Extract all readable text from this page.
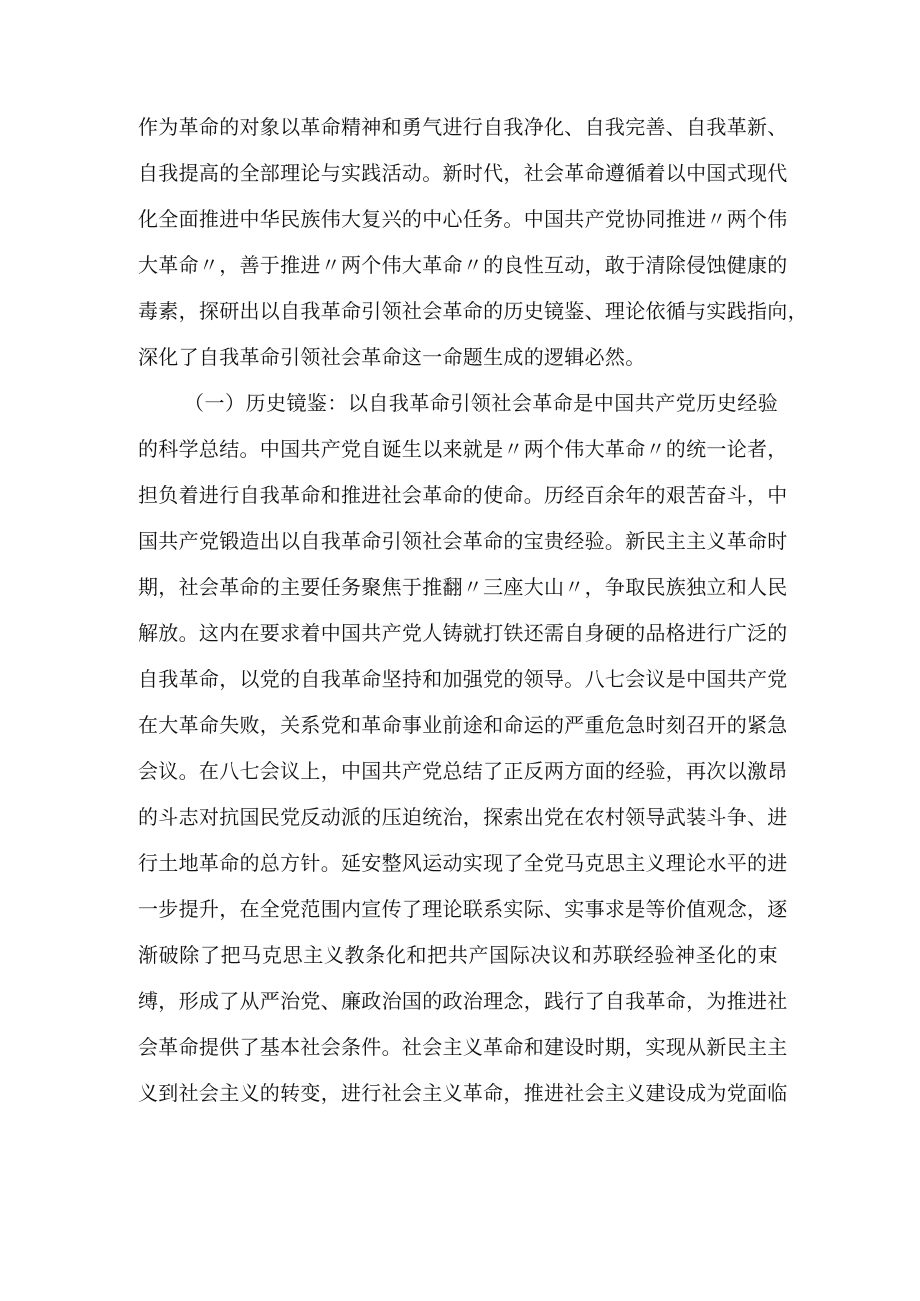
作为革命的对象以革命精神和勇气进行自我净化、自我完善、自我革新、
自我提高的全部理论与实践活动。新时代，社会革命遵循着以中国式现代
化全面推进中华民族伟大复兴的中心任务。中国共产党协同推进〃两个伟
大革命〃，善于推进〃两个伟大革命〃的良性互动，敢于清除侵蚀健康的
毒素，探研出以自我革命引领社会革命的历史镜鉴、理论依循与实践指向，
深化了自我革命引领社会革命这一命题生成的逻辑必然。
（一）历史镜鉴：以自我革命引领社会革命是中国共产党历史经验
的科学总结。中国共产党自诞生以来就是〃两个伟大革命〃的统一论者，
担负着进行自我革命和推进社会革命的使命。历经百余年的艰苦奋斗，中
国共产党锻造出以自我革命引领社会革命的宝贵经验。新民主主义革命时
期，社会革命的主要任务聚焦于推翻〃三座大山〃，争取民族独立和人民
解放。这内在要求着中国共产党人铸就打铁还需自身硬的品格进行广泛的
自我革命，以党的自我革命坚持和加强党的领导。八七会议是中国共产党
在大革命失败，关系党和革命事业前途和命运的严重危急时刻召开的紧急
会议。在八七会议上，中国共产党总结了正反两方面的经验，再次以激昂
的斗志对抗国民党反动派的压迫统治，探索出党在农村领导武装斗争、进
行土地革命的总方针。延安整风运动实现了全党马克思主义理论水平的进
一步提升，在全党范围内宣传了理论联系实际、实事求是等价值观念，逐
渐破除了把马克思主义教条化和把共产国际决议和苏联经验神圣化的束
缚，形成了从严治党、廉政治国的政治理念，践行了自我革命，为推进社
会革命提供了基本社会条件。社会主义革命和建设时期，实现从新民主主
义到社会主义的转变，进行社会主义革命，推进社会主义建设成为党面临
